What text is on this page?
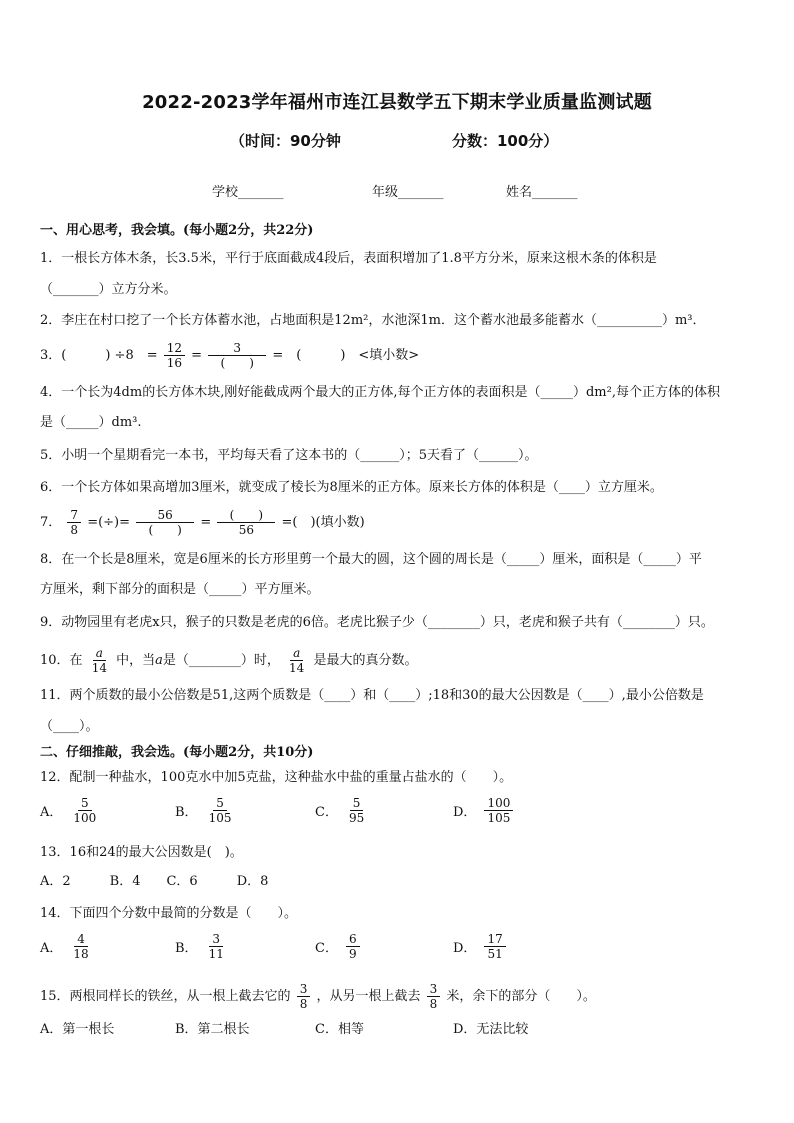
2022-2023学年福州市连江县数学五下期末学业质量监测试题
（时间：90分钟	分数：100分）
学校_______	年级_______	姓名_______
一、用心思考，我会填。(每小题2分，共22分)
1．一根长方体木条，长3.5米，平行于底面截成4段后，表面积增加了1.8平方分米，原来这根木条的体积是
（_______）立方分米。
2．李庄在村口挖了一个长方体蓄水池，占地面积是12m²，水池深1m．这个蓄水池最多能蓄水（__________）m³．
3．(　　　) ÷8　= $\frac{12}{16} = \frac{3}{( )}$ =　(　　　)　<填小数>
4．一个长为4dm的长方体木块,刚好能截成两个最大的正方体,每个正方体的表面积是（_____）dm²,每个正方体的体积
是（_____）dm³.
5．小明一个星期看完一本书，平均每天看了这本书的（______）；5天看了（______）。
6．一个长方体如果高增加3厘米，就变成了棱长为8厘米的正方体。原来长方体的体积是（____）立方厘米。
7． $\frac{7}{8}$ =(÷)= $\frac{56}{( )} = \frac{( )}{56}$ =(　)(填小数)
8．在一个长是8厘米，宽是6厘米的长方形里剪一个最大的圆，这个圆的周长是（_____）厘米，面积是（_____）平
方厘米，剩下部分的面积是（_____）平方厘米。
9．动物园里有老虎x只，猴子的只数是老虎的6倍。老虎比猴子少（________）只，老虎和猴子共有（________）只。
10．在 $\frac{a}{14}$ 中，当a是（________）时， $\frac{a}{14}$ 是最大的真分数。
11．两个质数的最小公倍数是51,这两个质数是（____）和（____）;18和30的最大公因数是（____）,最小公倍数是
（____）。
二、仔细推敲，我会选。(每小题2分，共10分)
12．配制一种盐水，100克水中加5克盐，这种盐水中盐的重量占盐水的（　　）。
A． $\frac{5}{100}$	B． $\frac{5}{105}$	C． $\frac{5}{95}$	D． $\frac{100}{105}$
13．16和24的最大公因数是(　)。
A．2　　　B．4　　C．6　　　D．8
14．下面四个分数中最简的分数是（　　）。
A． $\frac{4}{18}$	B． $\frac{3}{11}$	C． $\frac{6}{9}$	D． $\frac{17}{51}$
15．两根同样长的铁丝，从一根上截去它的 $\frac{3}{8}$ ，从另一根上截去 $\frac{3}{8}$ 米，余下的部分（　　）。
A．第一根长	B．第二根长	C．相等	D．无法比较
